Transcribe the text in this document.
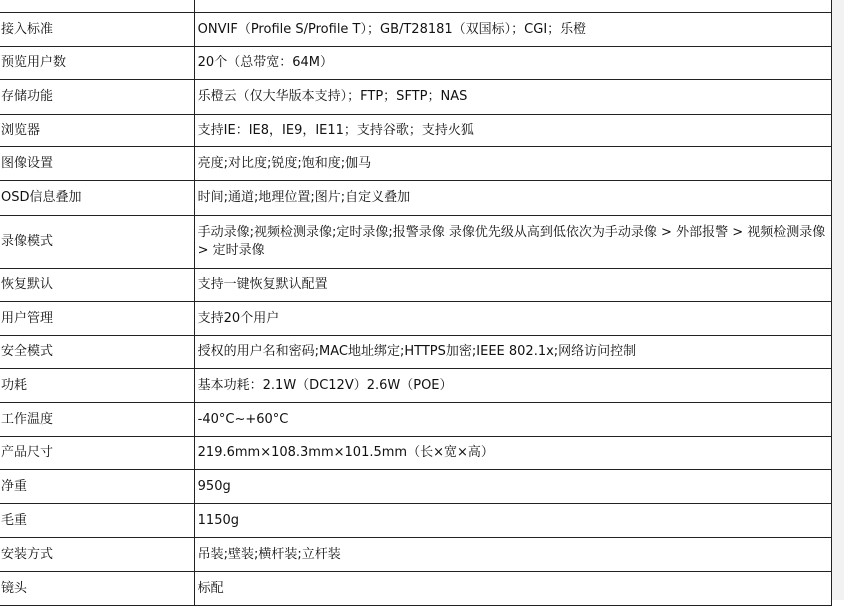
接入标准	ONVIF（Profile S/Profile T）；GB/T28181（双国标）；CGI；乐橙
预览用户数	20个（总带宽：64M）
存储功能	乐橙云（仅大华版本支持）；FTP；SFTP；NAS
浏览器	支持IE：IE8，IE9，IE11；支持谷歌；支持火狐
图像设置	亮度;对比度;锐度;饱和度;伽马
OSD信息叠加	时间;通道;地理位置;图片;自定义叠加
录像模式	手动录像;视频检测录像;定时录像;报警录像 录像优先级从高到低依次为手动录像 > 外部报警 > 视频检测录像 > 定时录像
恢复默认	支持一键恢复默认配置
用户管理	支持20个用户
安全模式	授权的用户名和密码;MAC地址绑定;HTTPS加密;IEEE 802.1x;网络访问控制
功耗	基本功耗：2.1W（DC12V）2.6W（POE）
工作温度	-40°C~+60°C
产品尺寸	219.6mm×108.3mm×101.5mm（长×宽×高）
净重	950g
毛重	1150g
安装方式	吊装;壁装;横杆装;立杆装
镜头	标配
